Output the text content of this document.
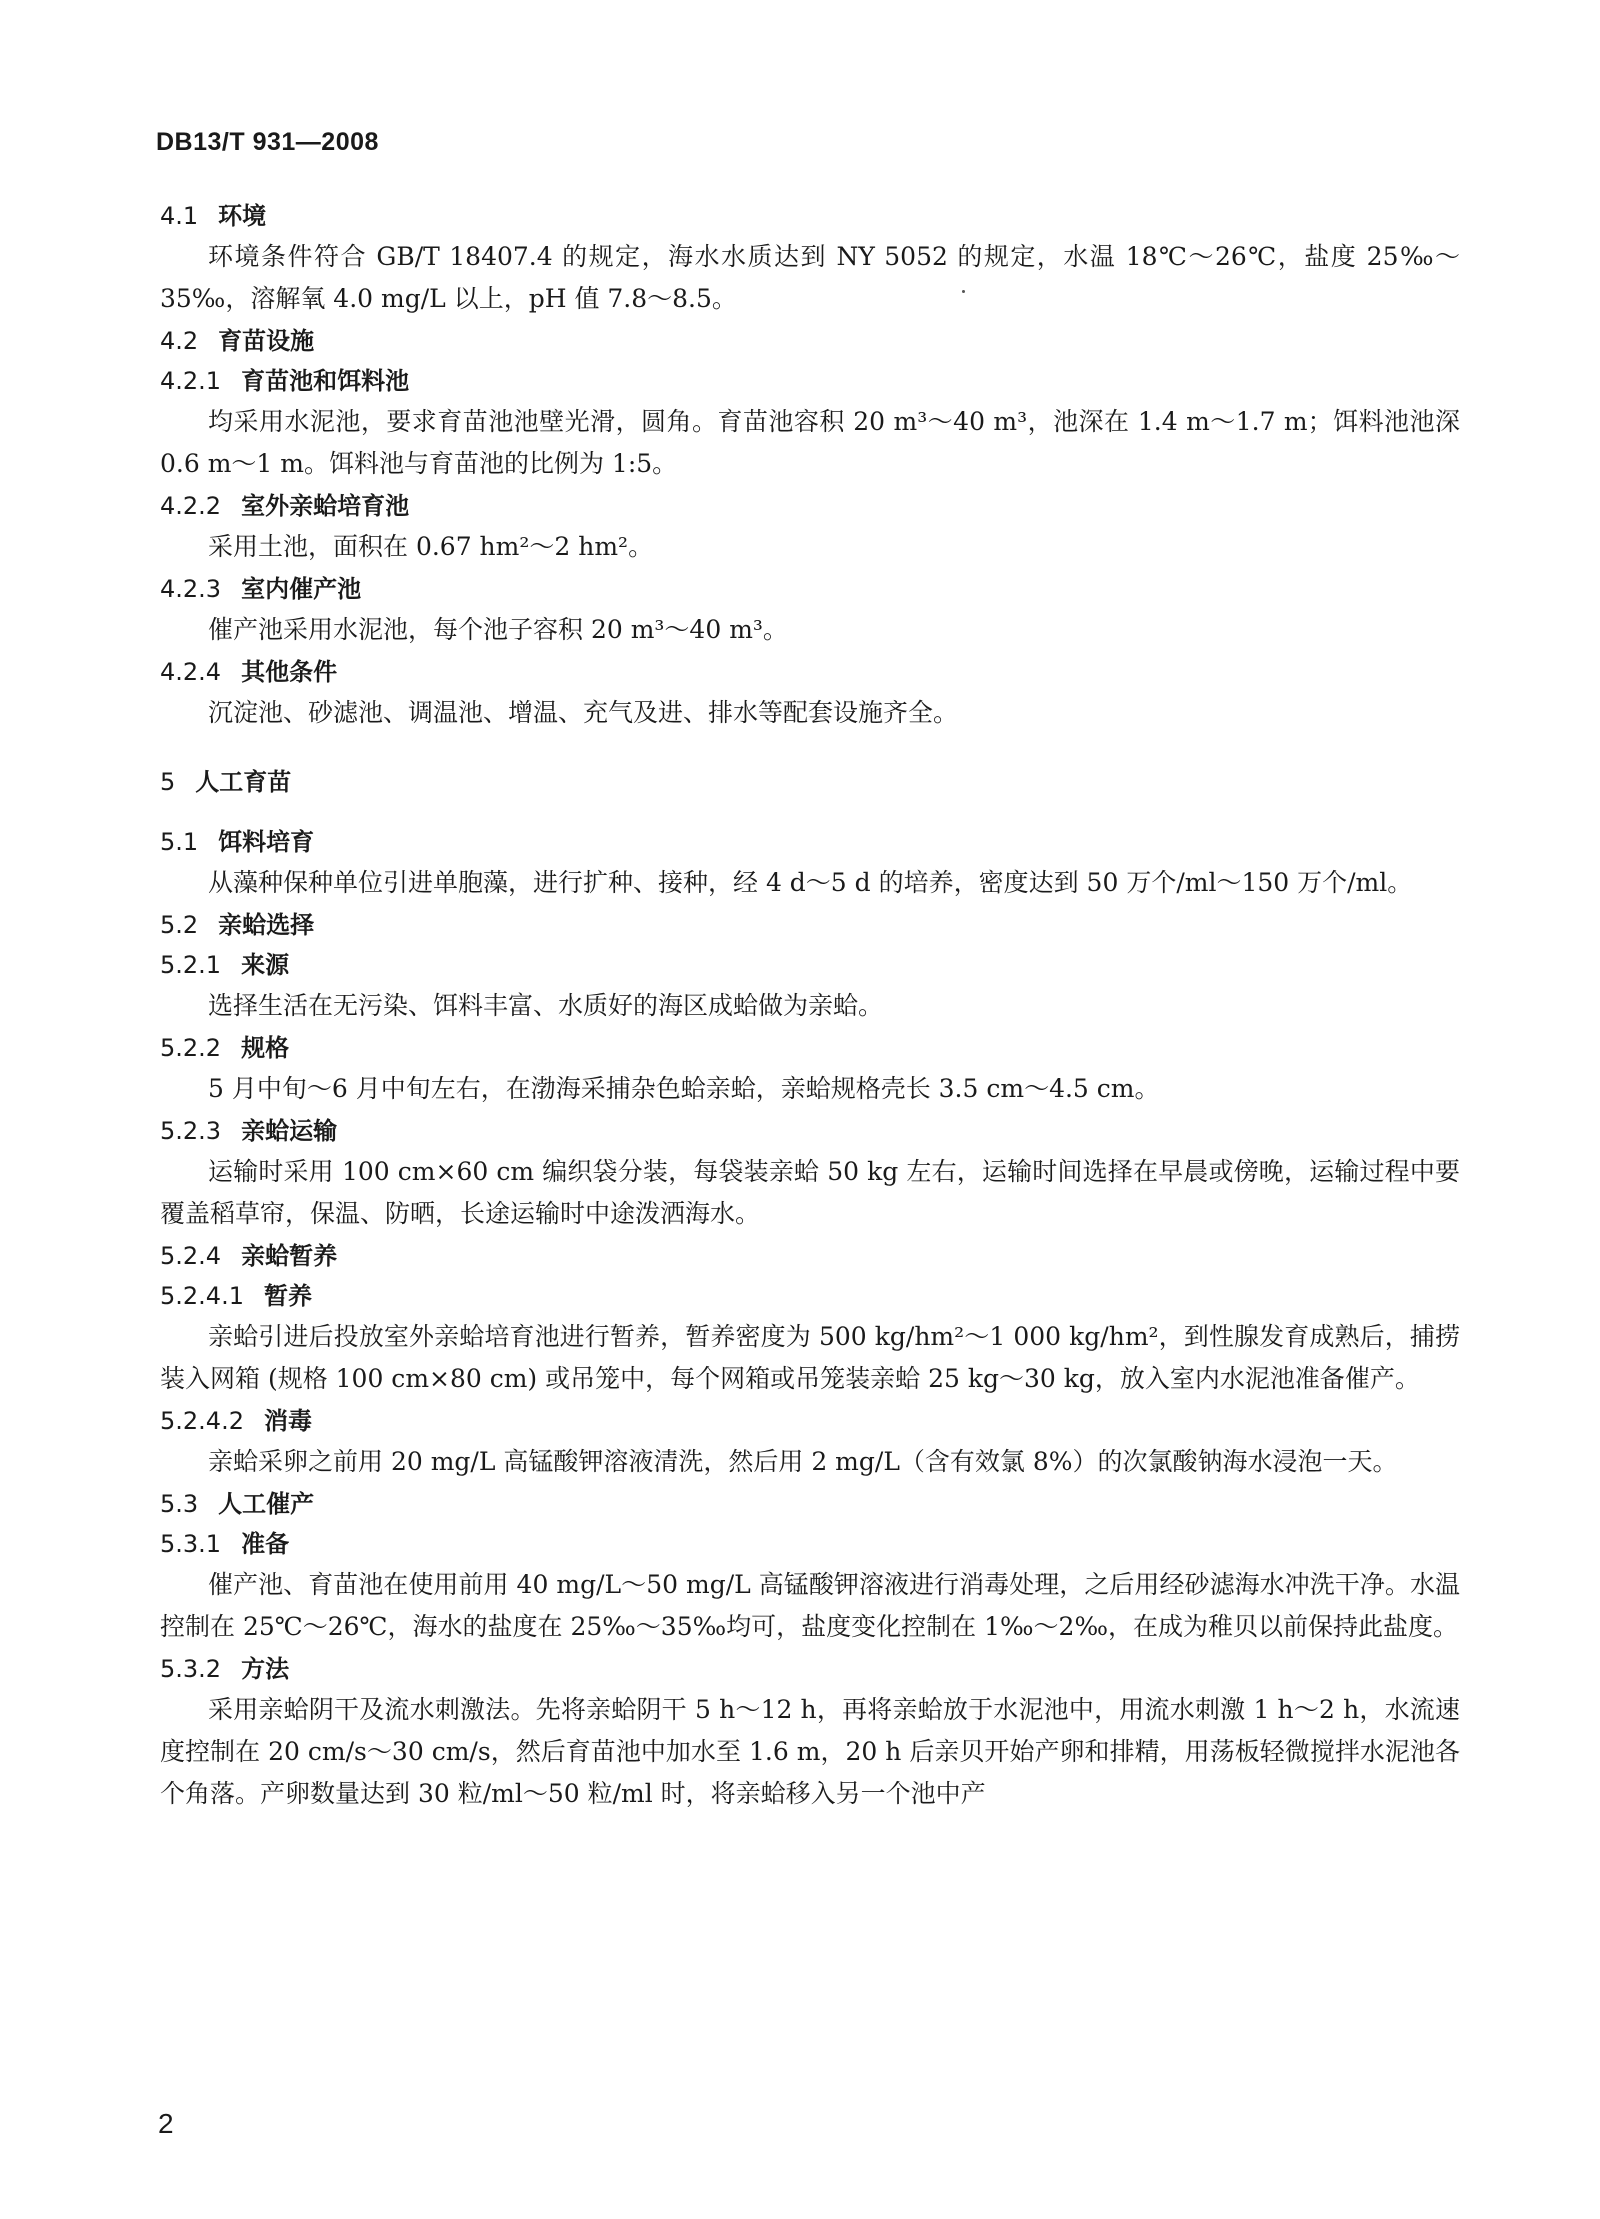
DB13/T 931—2008
4.1 环境
环境条件符合 GB/T 18407.4 的规定，海水水质达到 NY 5052 的规定，水温 18℃～26℃，盐度 25‰～35‰，溶解氧 4.0 mg/L 以上，pH 值 7.8～8.5。
4.2 育苗设施
4.2.1 育苗池和饵料池
均采用水泥池，要求育苗池池壁光滑，圆角。育苗池容积 20 m³～40 m³，池深在 1.4 m～1.7 m；饵料池池深 0.6 m～1 m。饵料池与育苗池的比例为 1:5。
4.2.2 室外亲蛤培育池
采用土池，面积在 0.67 hm²～2 hm²。
4.2.3 室内催产池
催产池采用水泥池，每个池子容积 20 m³～40 m³。
4.2.4 其他条件
沉淀池、砂滤池、调温池、增温、充气及进、排水等配套设施齐全。
5 人工育苗
5.1 饵料培育
从藻种保种单位引进单胞藻，进行扩种、接种，经 4 d～5 d 的培养，密度达到 50 万个/ml～150 万个/ml。
5.2 亲蛤选择
5.2.1 来源
选择生活在无污染、饵料丰富、水质好的海区成蛤做为亲蛤。
5.2.2 规格
5 月中旬～6 月中旬左右，在渤海采捕杂色蛤亲蛤，亲蛤规格壳长 3.5 cm～4.5 cm。
5.2.3 亲蛤运输
运输时采用 100 cm×60 cm 编织袋分装，每袋装亲蛤 50 kg 左右，运输时间选择在早晨或傍晚，运输过程中要覆盖稻草帘，保温、防晒，长途运输时中途泼洒海水。
5.2.4 亲蛤暂养
5.2.4.1 暂养
亲蛤引进后投放室外亲蛤培育池进行暂养，暂养密度为 500 kg/hm²～1 000 kg/hm²，到性腺发育成熟后，捕捞装入网箱 (规格 100 cm×80 cm) 或吊笼中，每个网箱或吊笼装亲蛤 25 kg～30 kg，放入室内水泥池准备催产。
5.2.4.2 消毒
亲蛤采卵之前用 20 mg/L 高锰酸钾溶液清洗，然后用 2 mg/L（含有效氯 8%）的次氯酸钠海水浸泡一天。
5.3 人工催产
5.3.1 准备
催产池、育苗池在使用前用 40 mg/L～50 mg/L 高锰酸钾溶液进行消毒处理，之后用经砂滤海水冲洗干净。水温控制在 25℃～26℃，海水的盐度在 25‰～35‰均可，盐度变化控制在 1‰～2‰，在成为稚贝以前保持此盐度。
5.3.2 方法
采用亲蛤阴干及流水刺激法。先将亲蛤阴干 5 h～12 h，再将亲蛤放于水泥池中，用流水刺激 1 h～2 h，水流速度控制在 20 cm/s～30 cm/s，然后育苗池中加水至 1.6 m，20 h 后亲贝开始产卵和排精，用荡板轻微搅拌水泥池各个角落。产卵数量达到 30 粒/ml～50 粒/ml 时，将亲蛤移入另一个池中产
2
